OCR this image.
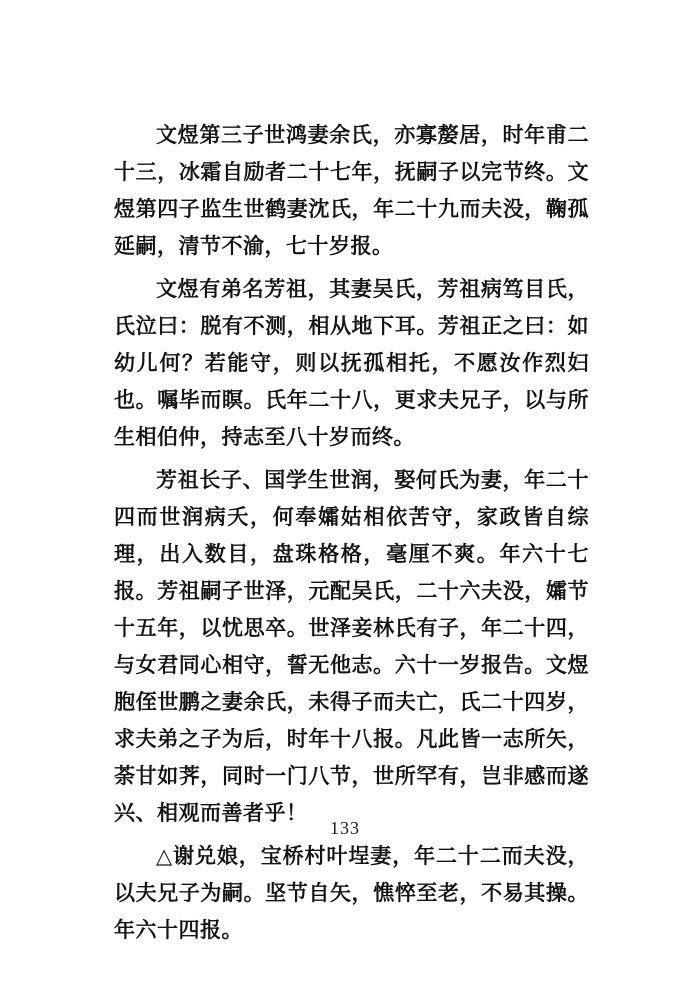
文煜第三子世鸿妻余氏，亦寡嫠居，时年甫二十三，冰霜自励者二十七年，抚嗣子以完节终。文煜第四子监生世鹤妻沈氏，年二十九而夫没，鞠孤延嗣，清节不渝，七十岁报。

文煜有弟名芳祖，其妻吴氏，芳祖病笃目氏，氏泣曰：脱有不测，相从地下耳。芳祖正之曰：如幼儿何？若能守，则以抚孤相托，不愿汝作烈妇也。嘱毕而瞑。氏年二十八，更求夫兄子，以与所生相伯仲，持志至八十岁而终。

芳祖长子、国学生世润，娶何氏为妻，年二十四而世润病夭，何奉孀姑相依苦守，家政皆自综理，出入数目，盘珠格格，毫厘不爽。年六十七报。芳祖嗣子世泽，元配吴氏，二十六夫没，孀节十五年，以忧思卒。世泽妾林氏有子，年二十四，与女君同心相守，誓无他志。六十一岁报告。文煜胞侄世鹏之妻余氏，未得子而夫亡，氏二十四岁，求夫弟之子为后，时年十八报。凡此皆一志所矢，荼甘如荠，同时一门八节，世所罕有，岂非感而遂兴、相观而善者乎！

△谢兑娘，宝桥村叶埕妻，年二十二而夫没，以夫兄子为嗣。坚节自矢，憔悴至老，不易其操。年六十四报。

133
